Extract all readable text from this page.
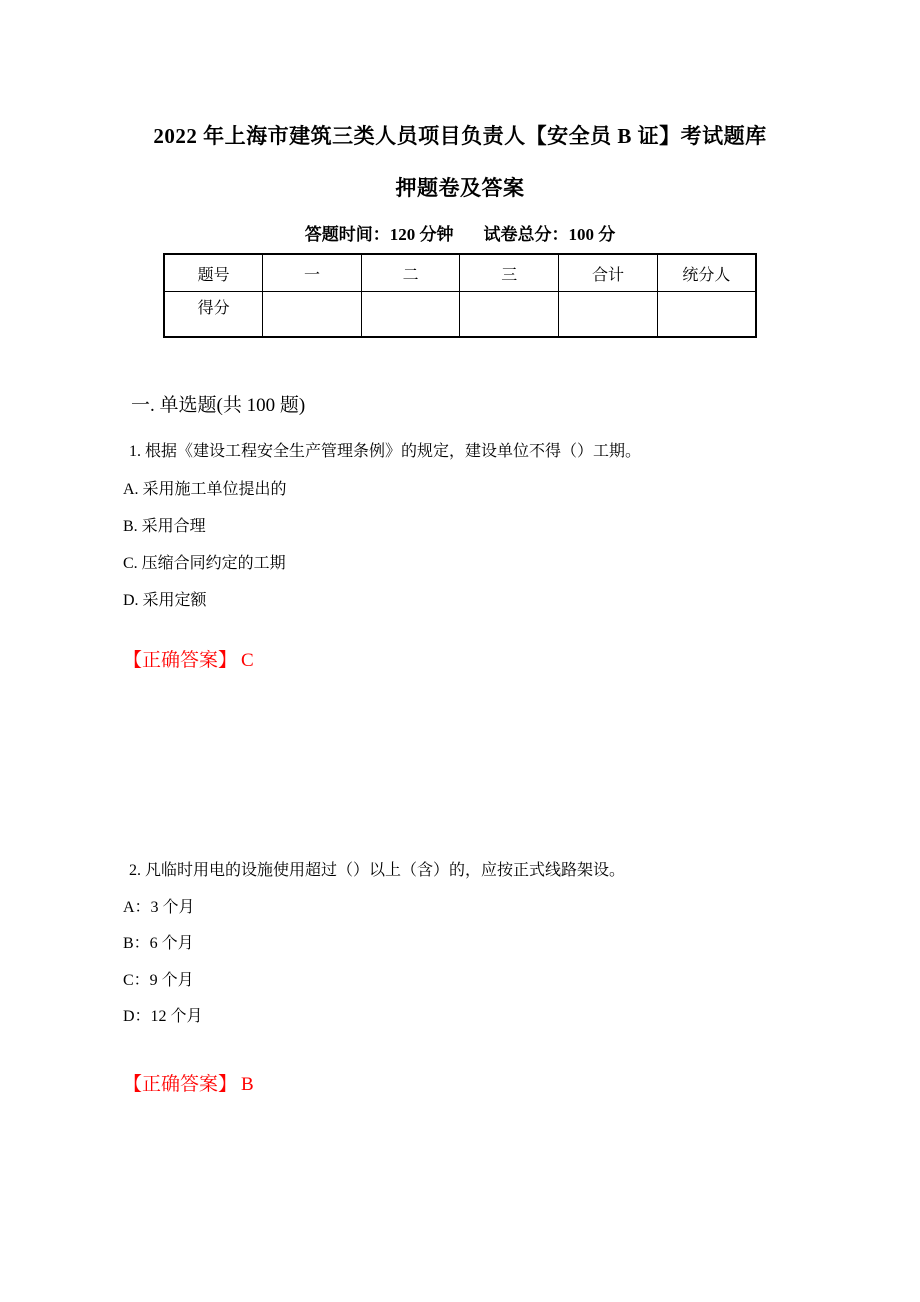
2022 年上海市建筑三类人员项目负责人【安全员 B 证】考试题库押题卷及答案
答题时间：120 分钟 试卷总分：100 分
题号	一	二	三	合计	统分人
得分					
一. 单选题(共 100 题)
1. 根据《建设工程安全生产管理条例》的规定，建设单位不得（）工期。
A. 采用施工单位提出的
B. 采用合理
C. 压缩合同约定的工期
D. 采用定额
【正确答案】 C
2. 凡临时用电的设施使用超过（）以上（含）的，应按正式线路架设。
A：3 个月
B：6 个月
C：9 个月
D：12 个月
【正确答案】 B
